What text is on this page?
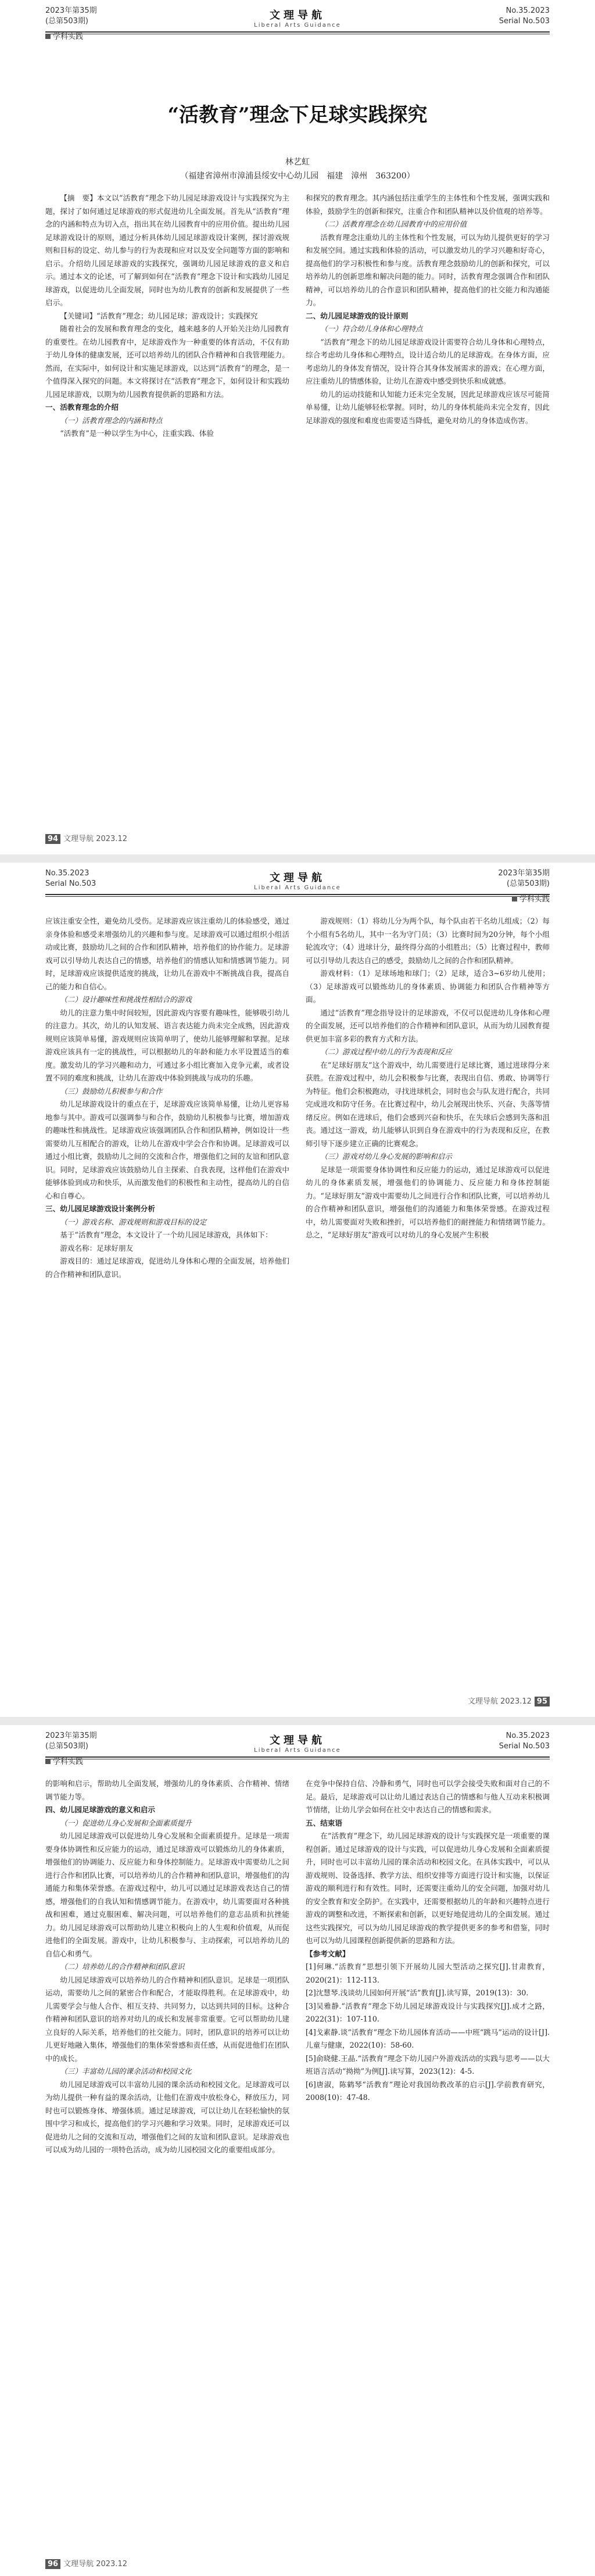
2023年第35期
(总第503期)	文理导航
Liberal Arts Guidance
No.35.2023
Serial No.503
学科实践
“活教育”理念下足球实践探究
林艺虹
（福建省漳州市漳浦县绥安中心幼儿园　福建　漳州　363200）

【摘　要】本文以“活教育”理念下幼儿园足球游戏设计与实践探究为主题，探讨了如何通过足球游戏的形式促进幼儿全面发展。首先从“活教育”理念的内涵和特点为切入点，指出其在幼儿园教育中的应用价值。提出幼儿园足球游戏设计的原则，通过分析具体幼儿园足球游戏设计案例，探讨游戏规则和目标的设定、幼儿参与的行为表现和应对以及安全问题等方面的影响和启示。介绍幼儿园足球游戏的实践探究，强调幼儿园足球游戏的意义和启示。通过本文的论述，可了解到如何在“活教育”理念下设计和实践幼儿园足球游戏，以促进幼儿全面发展，同时也为幼儿教育的创新和发展提供了一些启示。

【关键词】“活教育”理念；幼儿园足球；游戏设计；实践探究

随着社会的发展和教育理念的变化，越来越多的人开始关注幼儿园教育的重要性。在幼儿园教育中，足球游戏作为一种重要的体育活动，不仅有助于幼儿身体的健康发展，还可以培养幼儿的团队合作精神和自我管理能力。然而，在实际中，如何设计和实施足球游戏，以达到“活教育”的理念，是一个值得深入探究的问题。本文将探讨在“活教育”理念下，如何设计和实践幼儿园足球游戏，以期为幼儿园教育提供新的思路和方法。

一、活教育理念的介绍
（一）活教育理念的内涵和特点

“活教育”是一种以学生为中心，注重实践、体验

和探究的教育理念。其内涵包括注重学生的主体性和个性发展，强调实践和体验，鼓励学生的创新和探究，注重合作和团队精神以及价值观的培养等。

（二）活教育理念在幼儿园教育中的应用价值

活教育理念注重幼儿的主体性和个性发展，可以为幼儿提供更好的学习和发展空间。通过实践和体验的活动，可以激发幼儿的学习兴趣和好奇心，提高他们的学习积极性和参与度。活教育理念鼓励幼儿的创新和探究，可以培养幼儿的创新思维和解决问题的能力。同时，活教育理念强调合作和团队精神，可以培养幼儿的合作意识和团队精神，提高他们的社交能力和沟通能力。

二、幼儿园足球游戏的设计原则
（一）符合幼儿身体和心理特点

“活教育”理念下的幼儿园足球游戏设计需要符合幼儿身体和心理特点，综合考虑幼儿身体和心理特点，设计适合幼儿的足球游戏。在身体方面，应考虑幼儿的身体发育情况，设计符合其身体发展需求的游戏；在心理方面，应注重幼儿的情感体验，让幼儿在游戏中感受到快乐和成就感。

幼儿的运动技能和认知能力还未完全发展，因此足球游戏应该尽可能简单易懂，让幼儿能够轻松掌握。同时，幼儿的身体机能尚未完全发育，因此足球游戏的强度和难度也需要适当降低，避免对幼儿的身体造成伤害。

94 文理导航 2023.12
No.35.2023
Serial No.503	文理导航
Liberal Arts Guidance
2023年第35期
(总第503期)
学科实践

应该注重安全性，避免幼儿受伤。足球游戏应该注重幼儿的体验感受，通过亲身体验和感受来增强幼儿的兴趣和参与度。足球游戏可以通过组织小组活动或比赛，鼓励幼儿之间的合作和团队精神，培养他们的协作能力。足球游戏可以引导幼儿表达自己的情感，培养他们的情感认知和情感调节能力。同时，足球游戏应该提供适度的挑战，让幼儿在游戏中不断挑战自我，提高自己的能力和自信心。

（二）设计趣味性和挑战性相结合的游戏

幼儿的注意力集中时间较短，因此游戏内容要有趣味性，能够吸引幼儿的注意力。其次，幼儿的认知发展、语言表达能力尚未完全成熟，因此游戏规则应该简单易懂，游戏规则应该简单明了，使幼儿能够理解和掌握。足球游戏应该具有一定的挑战性，可以根据幼儿的年龄和能力水平设置适当的难度。激发幼儿的学习兴趣和动力，可通过多小组比赛加入竞争元素，或者设置不同的难度和挑战，让幼儿在游戏中体验到挑战与成功的乐趣。

（三）鼓励幼儿积极参与和合作

幼儿足球游戏设计的重点在于，足球游戏应该简单易懂，让幼儿更容易地参与其中。游戏可以强调参与和合作，鼓励幼儿积极参与比赛，增加游戏的趣味性和挑战性。足球游戏应该强调团队合作和团队精神，例如设计一些需要幼儿互相配合的游戏，让幼儿在游戏中学会合作和协调。足球游戏可以通过小组比赛，鼓励幼儿之间的交流和合作，增强他们之间的友谊和团队意识。同时，足球游戏应该鼓励幼儿自主探索、自我表现，这样他们在游戏中能够体验到成功和快乐，从而激发他们的积极性和主动性，提高幼儿的自信心和自尊心。

三、幼儿园足球游戏设计案例分析
（一）游戏名称、游戏规则和游戏目标的设定

基于“活教育”理念，本文设计了一个幼儿园足球游戏，具体如下：

游戏名称：足球好朋友

游戏目的：通过足球游戏，促进幼儿身体和心理的全面发展，培养他们的合作精神和团队意识。

游戏规则：（1）将幼儿分为两个队，每个队由若干名幼儿组成；（2）每个小组有5名幼儿，其中一名为守门员；（3）比赛时间为20分钟，每个小组轮流攻守；（4）进球计分，最终得分高的小组胜出；（5）比赛过程中，教师可以引导幼儿表达自己的感受，鼓励幼儿之间的合作和团队精神。

游戏材料：（1）足球场地和球门；（2）足球，适合3~6岁幼儿使用；（3）足球游戏可以锻炼幼儿的身体素质、协调能力和团队合作精神等方面。

通过“活教育”理念指导设计的足球游戏，不仅可以促进幼儿身体和心理的全面发展，还可以培养他们的合作精神和团队意识，从而为幼儿园教育提供更加丰富多彩的教育方式和方法。

（二）游戏过程中幼儿的行为表现和反应

在“足球好朋友”这个游戏中，幼儿需要进行足球比赛，通过进球得分来获胜。在游戏过程中，幼儿会积极参与比赛，表现出自信、勇敢、协调等行为特征。他们会积极跑动，寻找进球机会，同时也会与队友进行配合，共同完成进攻和防守任务。在比赛过程中，幼儿会展现出快乐、兴奋、失落等情绪反应。例如在进球后，他们会感到兴奋和快乐，在失球后会感到失落和沮丧。通过这一游戏，幼儿能够认识到自身在游戏中的行为表现和反应，在教师引导下逐步建立正确的比赛观念。

（三）游戏对幼儿身心发展的影响和启示

足球是一项需要身体协调性和反应能力的运动，通过足球游戏可以促进幼儿的身体素质发展，增强他们的协调能力、反应能力和身体控制能力。“足球好朋友”游戏中需要幼儿之间进行合作和团队比赛，可以培养幼儿的合作精神和团队意识，增强他们的沟通能力和集体荣誉感。在游戏过程中，幼儿需要面对失败和挫折，可以培养他们的耐挫能力和情绪调节能力。总之，“足球好朋友”游戏可以对幼儿的身心发展产生积极

文理导航 2023.12 95
2023年第35期
(总第503期)	文理导航
Liberal Arts Guidance
No.35.2023
Serial No.503
学科实践

的影响和启示，帮助幼儿全面发展，增强幼儿的身体素质、合作精神、情绪调节能力等。

四、幼儿园足球游戏的意义和启示
（一）促进幼儿身心发展和全面素质提升

幼儿园足球游戏可以促进幼儿身心发展和全面素质提升。足球是一项需要身体协调性和反应能力的运动，通过足球游戏可以锻炼幼儿的身体素质，增强他们的协调能力、反应能力和身体控制能力。足球游戏中需要幼儿之间进行合作和团队比赛，可以培养幼儿的合作精神和团队意识，增强他们的沟通能力和集体荣誉感。在游戏过程中，幼儿可以通过足球游戏表达自己的情感，增强他们的自我认知和情感调节能力。在游戏中，幼儿需要面对各种挑战和困难，通过克服困难、解决问题，可以培养他们的意志品质和抗挫能力。幼儿园足球游戏可以帮助幼儿建立积极向上的人生观和价值观，从而促进他们的全面发展。游戏中，让幼儿积极参与、主动探索，可以培养幼儿的自信心和勇气。

（二）培养幼儿的合作精神和团队意识

幼儿园足球游戏可以培养幼儿的合作精神和团队意识。足球是一项团队运动，需要幼儿之间的紧密合作和配合，才能取得胜利。在足球游戏中，幼儿需要学会与他人合作、相互支持、共同努力，以达到共同的目标。这种合作精神和团队意识的培养对幼儿的成长和发展非常重要。它可以帮助幼儿建立良好的人际关系，培养他们的社交能力。同时，团队意识的培养可以让幼儿更好地融入集体，增强他们的集体荣誉感和责任感，从而促进他们在团队中的成长。

（三）丰富幼儿园的课余活动和校园文化

幼儿园足球游戏可以丰富幼儿园的课余活动和校园文化。足球游戏可以为幼儿提供一种有益的课余活动，让他们在游戏中放松身心，释放压力，同时也可以锻炼身体、增强体质。通过足球游戏，可以让幼儿在轻松愉快的氛围中学习和成长，提高他们的学习兴趣和学习效果。同时，足球游戏还可以促进幼儿之间的交流和互动，增强他们之间的友谊和团队意识。足球游戏也可以成为幼儿园的一项特色活动，成为幼儿园校园文化的重要组成部分。

在竞争中保持自信、冷静和勇气，同时也可以学会接受失败和面对自己的不足。最后，足球游戏可以让幼儿通过表达自己的情感和与他人互动来积极调节情绪，让幼儿学会如何在社交中表达自己的情感和需求。

五、结束语

在“活教育”理念下，幼儿园足球游戏的设计与实践探究是一项重要的课程创新。通过足球游戏的设计与实践，可以促进幼儿身心发展和全面素质提升，同时也可以丰富幼儿园的课余活动和校园文化。在具体实践中，可以从游戏规则、设备选择、教学方法、组织安排等方面进行设计和实施，以保证游戏的顺利进行和有效性。同时，还需要注重幼儿的安全问题，加强对幼儿的安全教育和安全防护。在实践中，还需要根据幼儿的年龄和兴趣特点进行游戏的调整和改进，不断探索和创新，以更好地促进幼儿的全面发展。通过这些实践探究，可以为幼儿园足球游戏的教学提供更多的参考和借鉴，同时也可以为幼儿园课程创新提供新的思路和方法。

【参考文献】

[1]何琳.“活教育”思想引领下开展幼儿园大型活动之探究[J].甘肃教育，2020(21)：112-113.

[2]沈慧琴.浅谈幼儿园如何开展“活”教育[J].读写算，2019(13)：30.

[3]吴雅静.“活教育”理念下幼儿园足球游戏设计与实践探究[J].成才之路，2022(31)：107-110.

[4]戈素静.谈“活教育”理念下幼儿园体育活动——中班“跳马”运动的设计[J].儿童与健康，2022(10)：58-60.

[5]俞晓健.王晶.“活教育”理念下幼儿园户外游戏活动的实践与思考——以大班语言活动“拗拗”为例[J].读写算，2023(12)：4-5.

[6]唐淑，陈鹤琴“活教育”理论对我国幼教改革的启示[J].学前教育研究，2008(10)：47-48.

96 文理导航 2023.12
